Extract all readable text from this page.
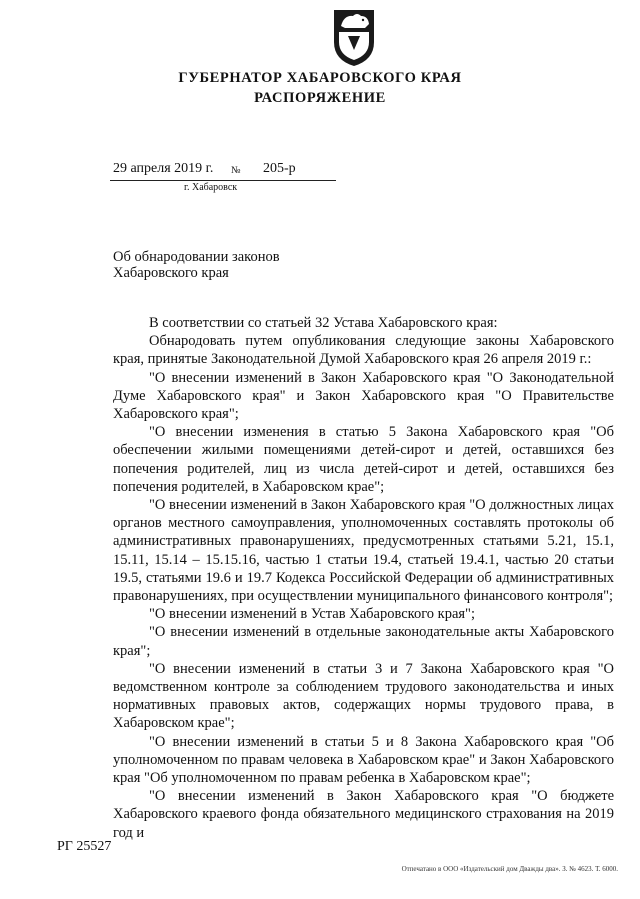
ГУБЕРНАТОР ХАБАРОВСКОГО КРАЯ
РАСПОРЯЖЕНИЕ
29 апреля 2019 г. № 205-р
г. Хабаровск
Об обнародовании законов
Хабаровского края

В соответствии со статьей 32 Устава Хабаровского края:

Обнародовать путем опубликования следующие законы Хабаровского края, принятые Законодательной Думой Хабаровского края 26 апреля 2019 г.:

"О внесении изменений в Закон Хабаровского края "О Законодательной Думе Хабаровского края" и Закон Хабаровского края "О Правительстве Хабаровского края";

"О внесении изменения в статью 5 Закона Хабаровского края "Об обеспечении жилыми помещениями детей-сирот и детей, оставшихся без попечения родителей, лиц из числа детей-сирот и детей, оставшихся без попечения родителей, в Хабаровском крае";

"О внесении изменений в Закон Хабаровского края "О должностных лицах органов местного самоуправления, уполномоченных составлять протоколы об административных правонарушениях, предусмотренных статьями 5.21, 15.1, 15.11, 15.14 – 15.15.16, частью 1 статьи 19.4, статьей 19.4.1, частью 20 статьи 19.5, статьями 19.6 и 19.7 Кодекса Российской Федерации об административных правонарушениях, при осуществлении муниципального финансового контроля";

"О внесении изменений в Устав Хабаровского края";

"О внесении изменений в отдельные законодательные акты Хабаровского края";

"О внесении изменений в статьи 3 и 7 Закона Хабаровского края "О ведомственном контроле за соблюдением трудового законодательства и иных нормативных правовых актов, содержащих нормы трудового права, в Хабаровском крае";

"О внесении изменений в статьи 5 и 8 Закона Хабаровского края "Об уполномоченном по правам человека в Хабаровском крае" и Закон Хабаровского края "Об уполномоченном по правам ребенка в Хабаровском крае";

"О внесении изменений в Закон Хабаровского края "О бюджете Хабаровского краевого фонда обязательного медицинского страхования на 2019 год и

РГ 25527
Отпечатано в ООО «Издательский дом Дважды два». З. № 4623. Т. 6000.
